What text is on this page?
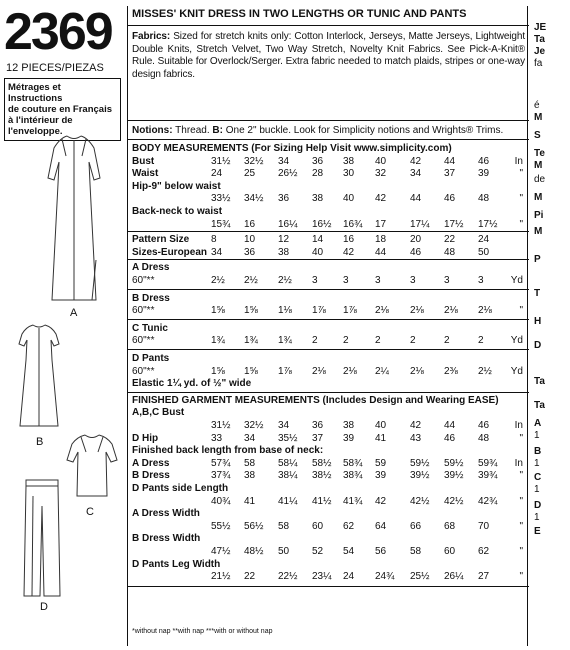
2369
12 PIECES/PIEZAS
Métrages et Instructions
de couture en Français
à l'intérieur de
l'enveloppe.
A
B
C
D
MISSES' KNIT DRESS IN TWO LENGTHS OR TUNIC AND PANTS
Fabrics: Sized for stretch knits only: Cotton Interlock, Jerseys, Matte Jerseys, Lightweight Double Knits, Stretch Velvet, Two Way Stretch, Novelty Knit Fabrics. See Pick-A-Knit® Rule. Suitable for Overlock/Serger. Extra fabric needed to match plaids, stripes or one-way design fabrics.
Notions: Thread. B: One 2" buckle. Look for Simplicity notions and Wrights® Trims.
BODY MEASUREMENTS (For Sizing Help Visit www.simplicity.com)
Bust	31½	32½	34	36	38	40	42	44	46	In
Waist	24	25	26½	28	30	32	34	37	39	"
Hip-9" below waist
33½	34½	36	38	40	42	44	46	48	"
Back-neck to waist
15¾	16	16¼	16½	16¾	17	17¼	17½	17½	"
Pattern Size 8	10	12	14	16	18	20	22	24
Sizes-European 34	36	38	40	42	44	46	48	50
A Dress
60"**	2½	2½	2½	3	3	3	3	3	3	Yd
B Dress
60"**	1⅝	1⅝	1⅛	1⅞	1⅞	2⅛	2⅛	2⅛	2⅛	"
C Tunic
60"**	1¾	1¾	1¾	2	2	2	2	2	2	Yd
D Pants
60"**	1⅝	1⅝	1⅞	2⅛	2⅛	2¼	2⅛	2⅜	2½	Yd
Elastic 1¼ yd. of ½" wide
FINISHED GARMENT MEASUREMENTS (Includes Design and Wearing EASE)
A,B,C Bust
31½	32½	34	36	38	40	42	44	46	In
D Hip	33	34	35½	37	39	41	43	46	48	"
Finished back length from base of neck:
A Dress	57¾	58	58¼	58½	58¾	59	59½	59½	59¾	In
B Dress	37¾	38	38¼	38½	38¾	39	39½	39½	39¾	"
D Pants side Length
40¾	41	41¼	41½	41¾	42	42½	42½	42¾	"
A Dress Width
55½	56½	58	60	62	64	66	68	70	"
B Dress Width
47½	48½	50	52	54	56	58	60	62	"
D Pants Leg Width
21½	22	22½	23¼	24	24¾	25½	26¼	27	"
*without nap **with nap ***with or without nap
JE
Ta
Je
fa
é
M
S
Te
M
de
M
Pi
M
P
T
H
D
Ta
Ta
A
1
B
1
C
1
D
1
E
